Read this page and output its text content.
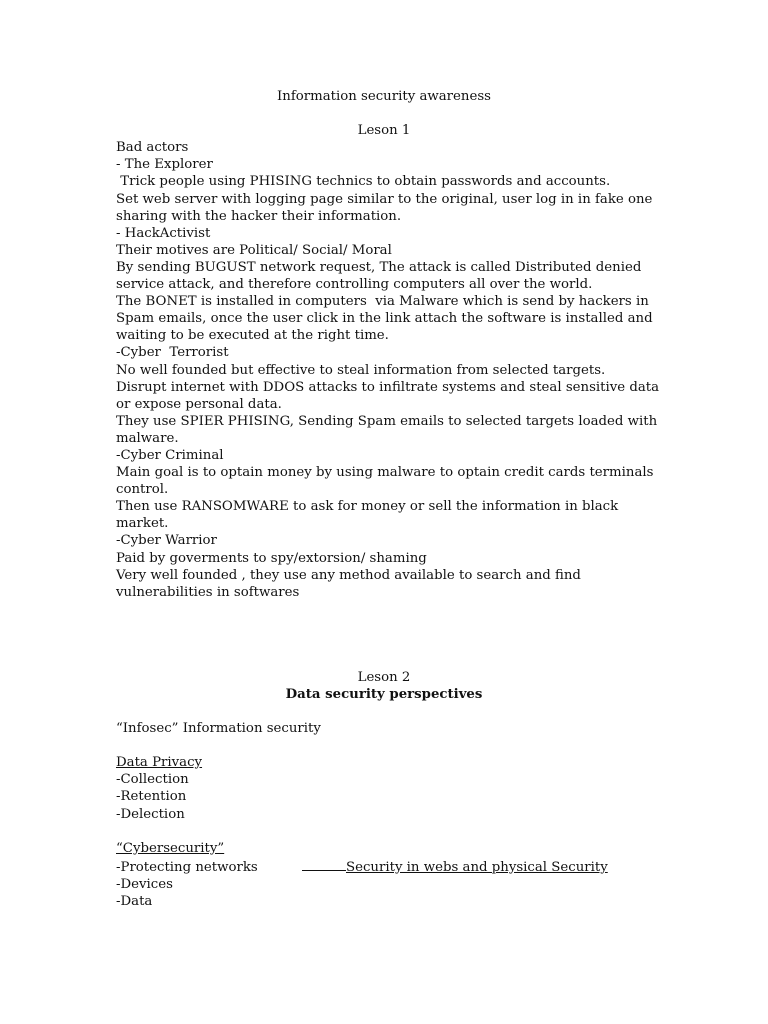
Information security awareness
Leson 1
Bad actors
- The Explorer
Trick people using PHISING technics to obtain passwords and accounts.
Set web server with logging page similar to the original, user log in in fake one
sharing with the hacker their information.
- HackActivist
Their motives are Political/ Social/ Moral
By sending BUGUST network request, The attack is called Distributed denied
service attack, and therefore controlling computers all over the world.
The BONET is installed in computers  via Malware which is send by hackers in
Spam emails, once the user click in the link attach the software is installed and
waiting to be executed at the right time.
-Cyber  Terrorist
No well founded but effective to steal information from selected targets.
Disrupt internet with DDOS attacks to infiltrate systems and steal sensitive data
or expose personal data.
They use SPIER PHISING, Sending Spam emails to selected targets loaded with
malware.
-Cyber Criminal
Main goal is to optain money by using malware to optain credit cards terminals
control.
Then use RANSOMWARE to ask for money or sell the information in black
market.
-Cyber Warrior
Paid by goverments to spy/extorsion/ shaming
Very well founded , they use any method available to search and find
vulnerabilities in softwares
Leson 2
Data security perspectives
“Infosec” Information security
Data Privacy
-Collection
-Retention
-Delection
“Cybersecurity”
-Protecting networks	Security in webs and physical Security
-Devices
-Data
